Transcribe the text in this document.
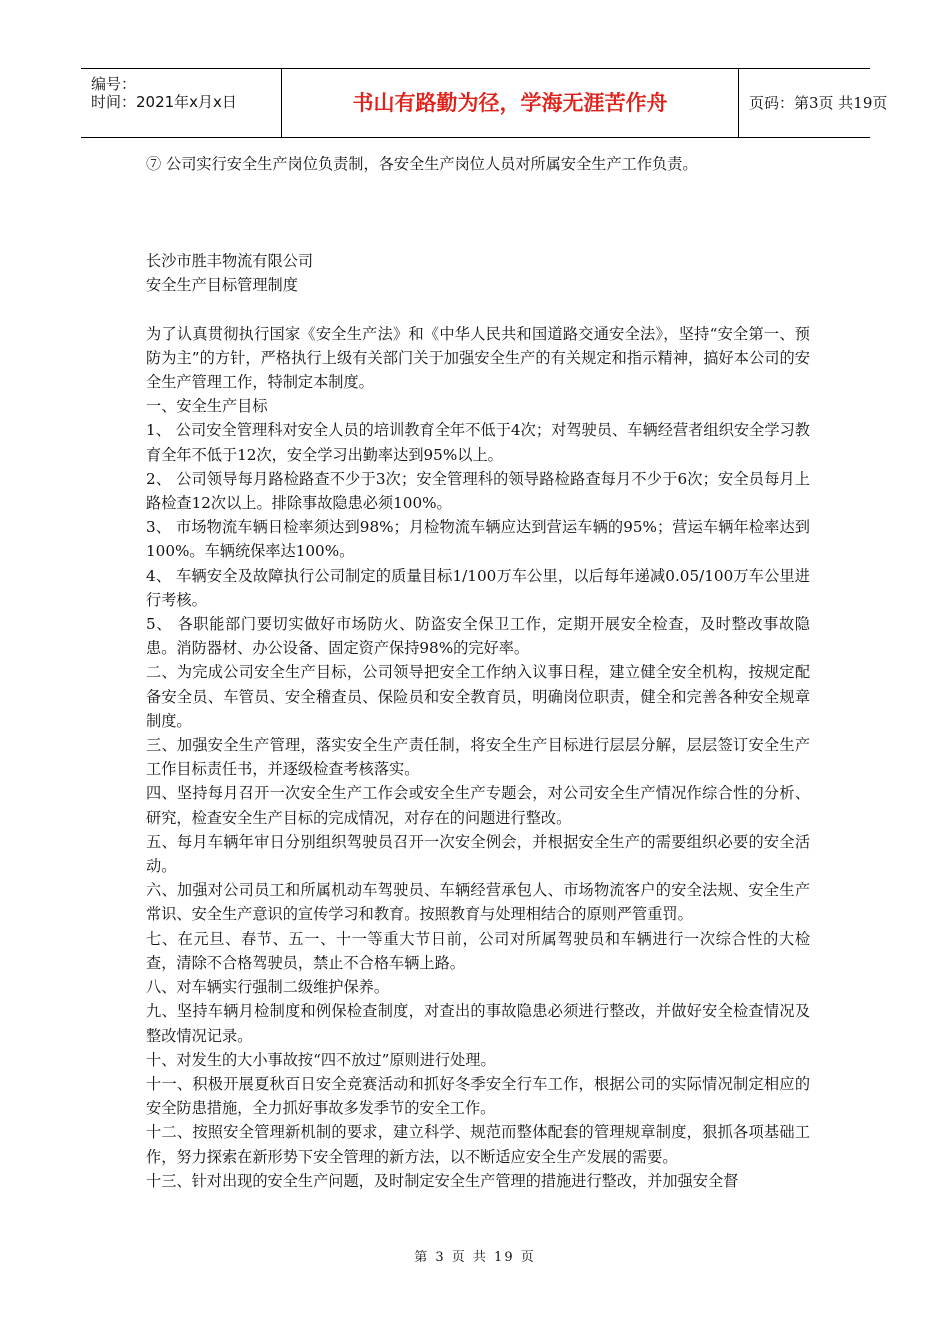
编号：
时间：2021年x月x日	书山有路勤为径，学海无涯苦作舟	页码：第3页 共19页

⑦ 公司实行安全生产岗位负责制，各安全生产岗位人员对所属安全生产工作负责。

长沙市胜丰物流有限公司

安全生产目标管理制度

为了认真贯彻执行国家《安全生产法》和《中华人民共和国道路交通安全法》，坚持“安全第一、预防为主”的方针，严格执行上级有关部门关于加强安全生产的有关规定和指示精神，搞好本公司的安全生产管理工作，特制定本制度。

一、安全生产目标

1、 公司安全管理科对安全人员的培训教育全年不低于4次；对驾驶员、车辆经营者组织安全学习教育全年不低于12次，安全学习出勤率达到95%以上。

2、 公司领导每月路检路查不少于3次；安全管理科的领导路检路查每月不少于6次；安全员每月上路检查12次以上。排除事故隐患必须100%。

3、 市场物流车辆日检率须达到98%；月检物流车辆应达到营运车辆的95%；营运车辆年检率达到100%。车辆统保率达100%。

4、 车辆安全及故障执行公司制定的质量目标1/100万车公里，以后每年递减0.05/100万车公里进行考核。

5、 各职能部门要切实做好市场防火、防盗安全保卫工作，定期开展安全检查，及时整改事故隐患。消防器材、办公设备、固定资产保持98%的完好率。

二、为完成公司安全生产目标，公司领导把安全工作纳入议事日程，建立健全安全机构，按规定配备安全员、车管员、安全稽查员、保险员和安全教育员，明确岗位职责，健全和完善各种安全规章制度。

三、加强安全生产管理，落实安全生产责任制，将安全生产目标进行层层分解，层层签订安全生产工作目标责任书，并逐级检查考核落实。

四、坚持每月召开一次安全生产工作会或安全生产专题会，对公司安全生产情况作综合性的分析、研究，检查安全生产目标的完成情况，对存在的问题进行整改。

五、每月车辆年审日分别组织驾驶员召开一次安全例会，并根据安全生产的需要组织必要的安全活动。

六、加强对公司员工和所属机动车驾驶员、车辆经营承包人、市场物流客户的安全法规、安全生产常识、安全生产意识的宣传学习和教育。按照教育与处理相结合的原则严管重罚。

七、在元旦、春节、五一、十一等重大节日前，公司对所属驾驶员和车辆进行一次综合性的大检查，清除不合格驾驶员，禁止不合格车辆上路。

八、对车辆实行强制二级维护保养。

九、坚持车辆月检制度和例保检查制度，对查出的事故隐患必须进行整改，并做好安全检查情况及整改情况记录。

十、对发生的大小事故按“四不放过”原则进行处理。

十一、积极开展夏秋百日安全竞赛活动和抓好冬季安全行车工作，根据公司的实际情况制定相应的安全防患措施，全力抓好事故多发季节的安全工作。

十二、按照安全管理新机制的要求，建立科学、规范而整体配套的管理规章制度，狠抓各项基础工作，努力探索在新形势下安全管理的新方法，以不断适应安全生产发展的需要。

十三、针对出现的安全生产问题，及时制定安全生产管理的措施进行整改，并加强安全督

第 3 页 共 19 页
